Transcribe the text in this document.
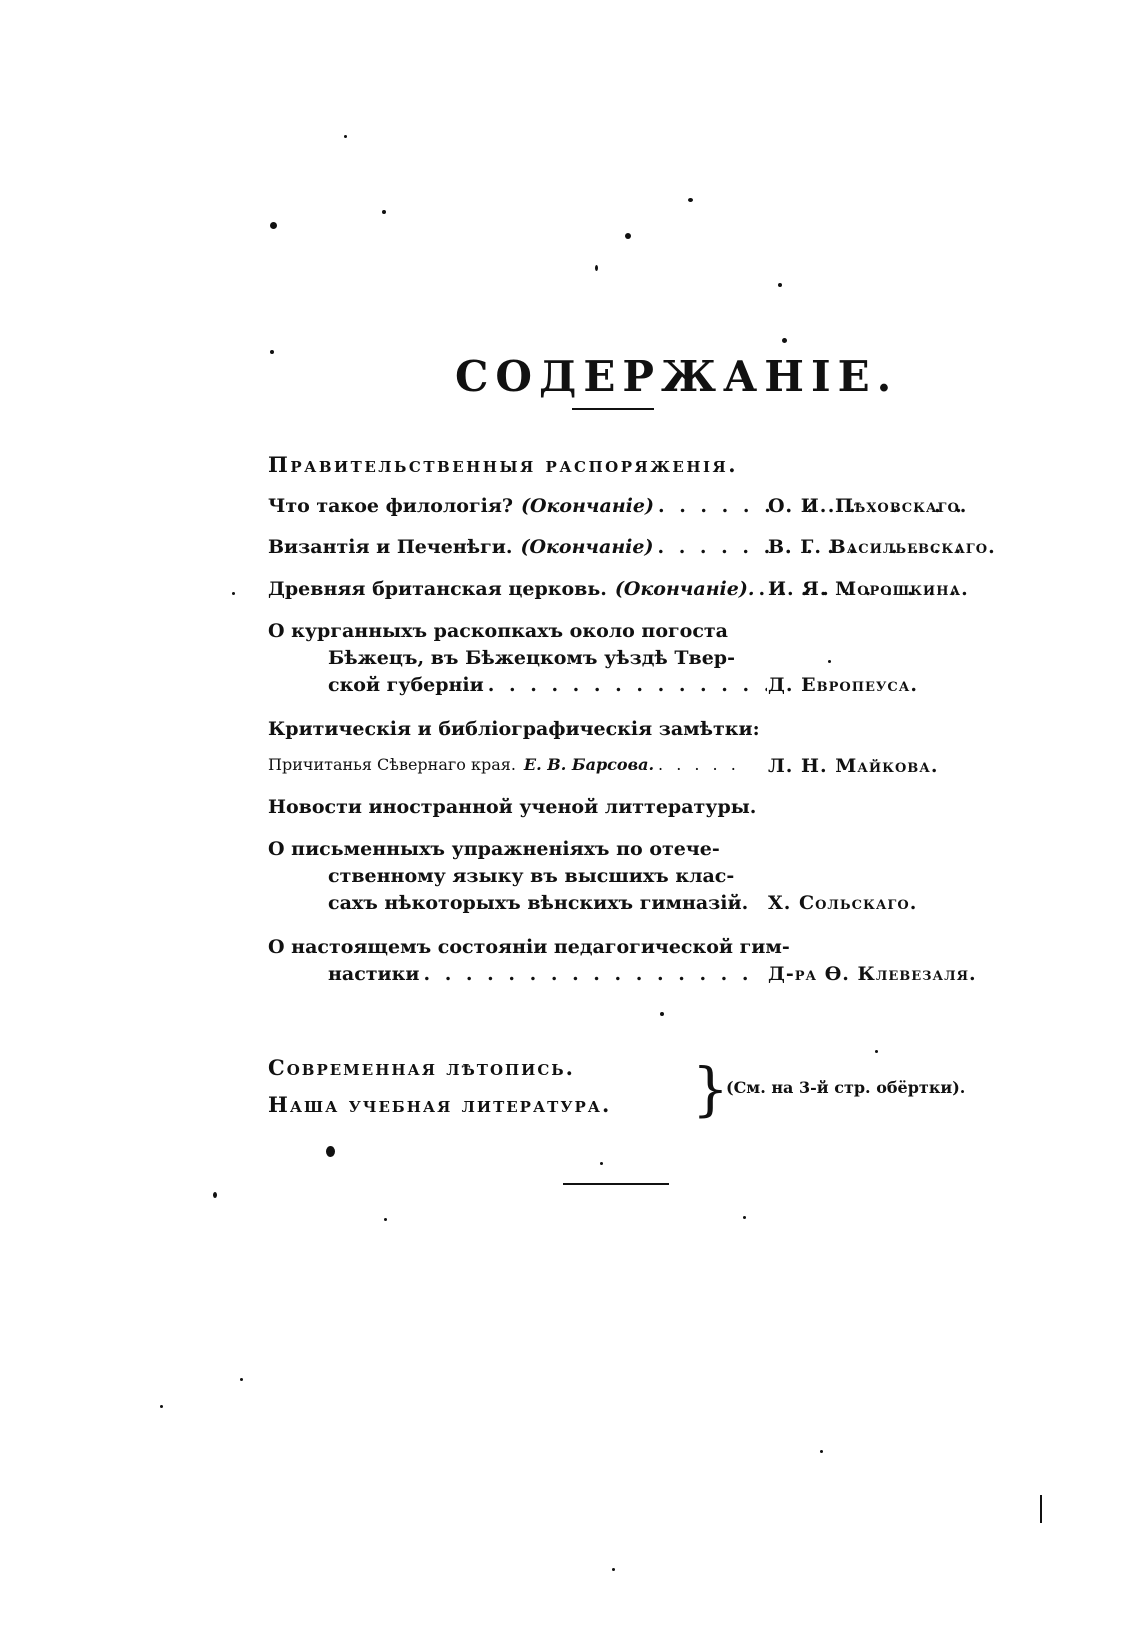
СОДЕРЖАНІЕ.
Правительственныя распоряженія.
Что такое филологія? (Окончаніе) . . .	О. И. Пѣховскаго.
Византія и Печенѣги. (Окончаніе) . . .	В. Г. Васильевскаго.
Древняя британская церковь. (Окончаніе). . . . И. Я. Морошкина.
О курганныхъ раскопкахъ около погоста
Бѣжецъ, въ Бѣжецкомъ уѣздѣ Твер-
ской губерніи . . .	Д. Европеуса.
Критическія и библіографическія замѣтки:
Причитанья Сѣвернаго края. Е. В. Барсова. . . .	Л. Н. Майкова.
Новости иностранной ученой литтературы.
О письменныхъ упражненіяхъ по отече-
ственному языку въ высшихъ клас-
сахъ нѣкоторыхъ вѣнскихъ гимназій. Х. Сольскаго.
О настоящемъ состояніи педагогической гим-
настики . . .	Д-ра Ѳ. Клевезаля.
Современная лѣтопись.
Наша учебная литература. }
(См. на 3-й стр. обёртки).
